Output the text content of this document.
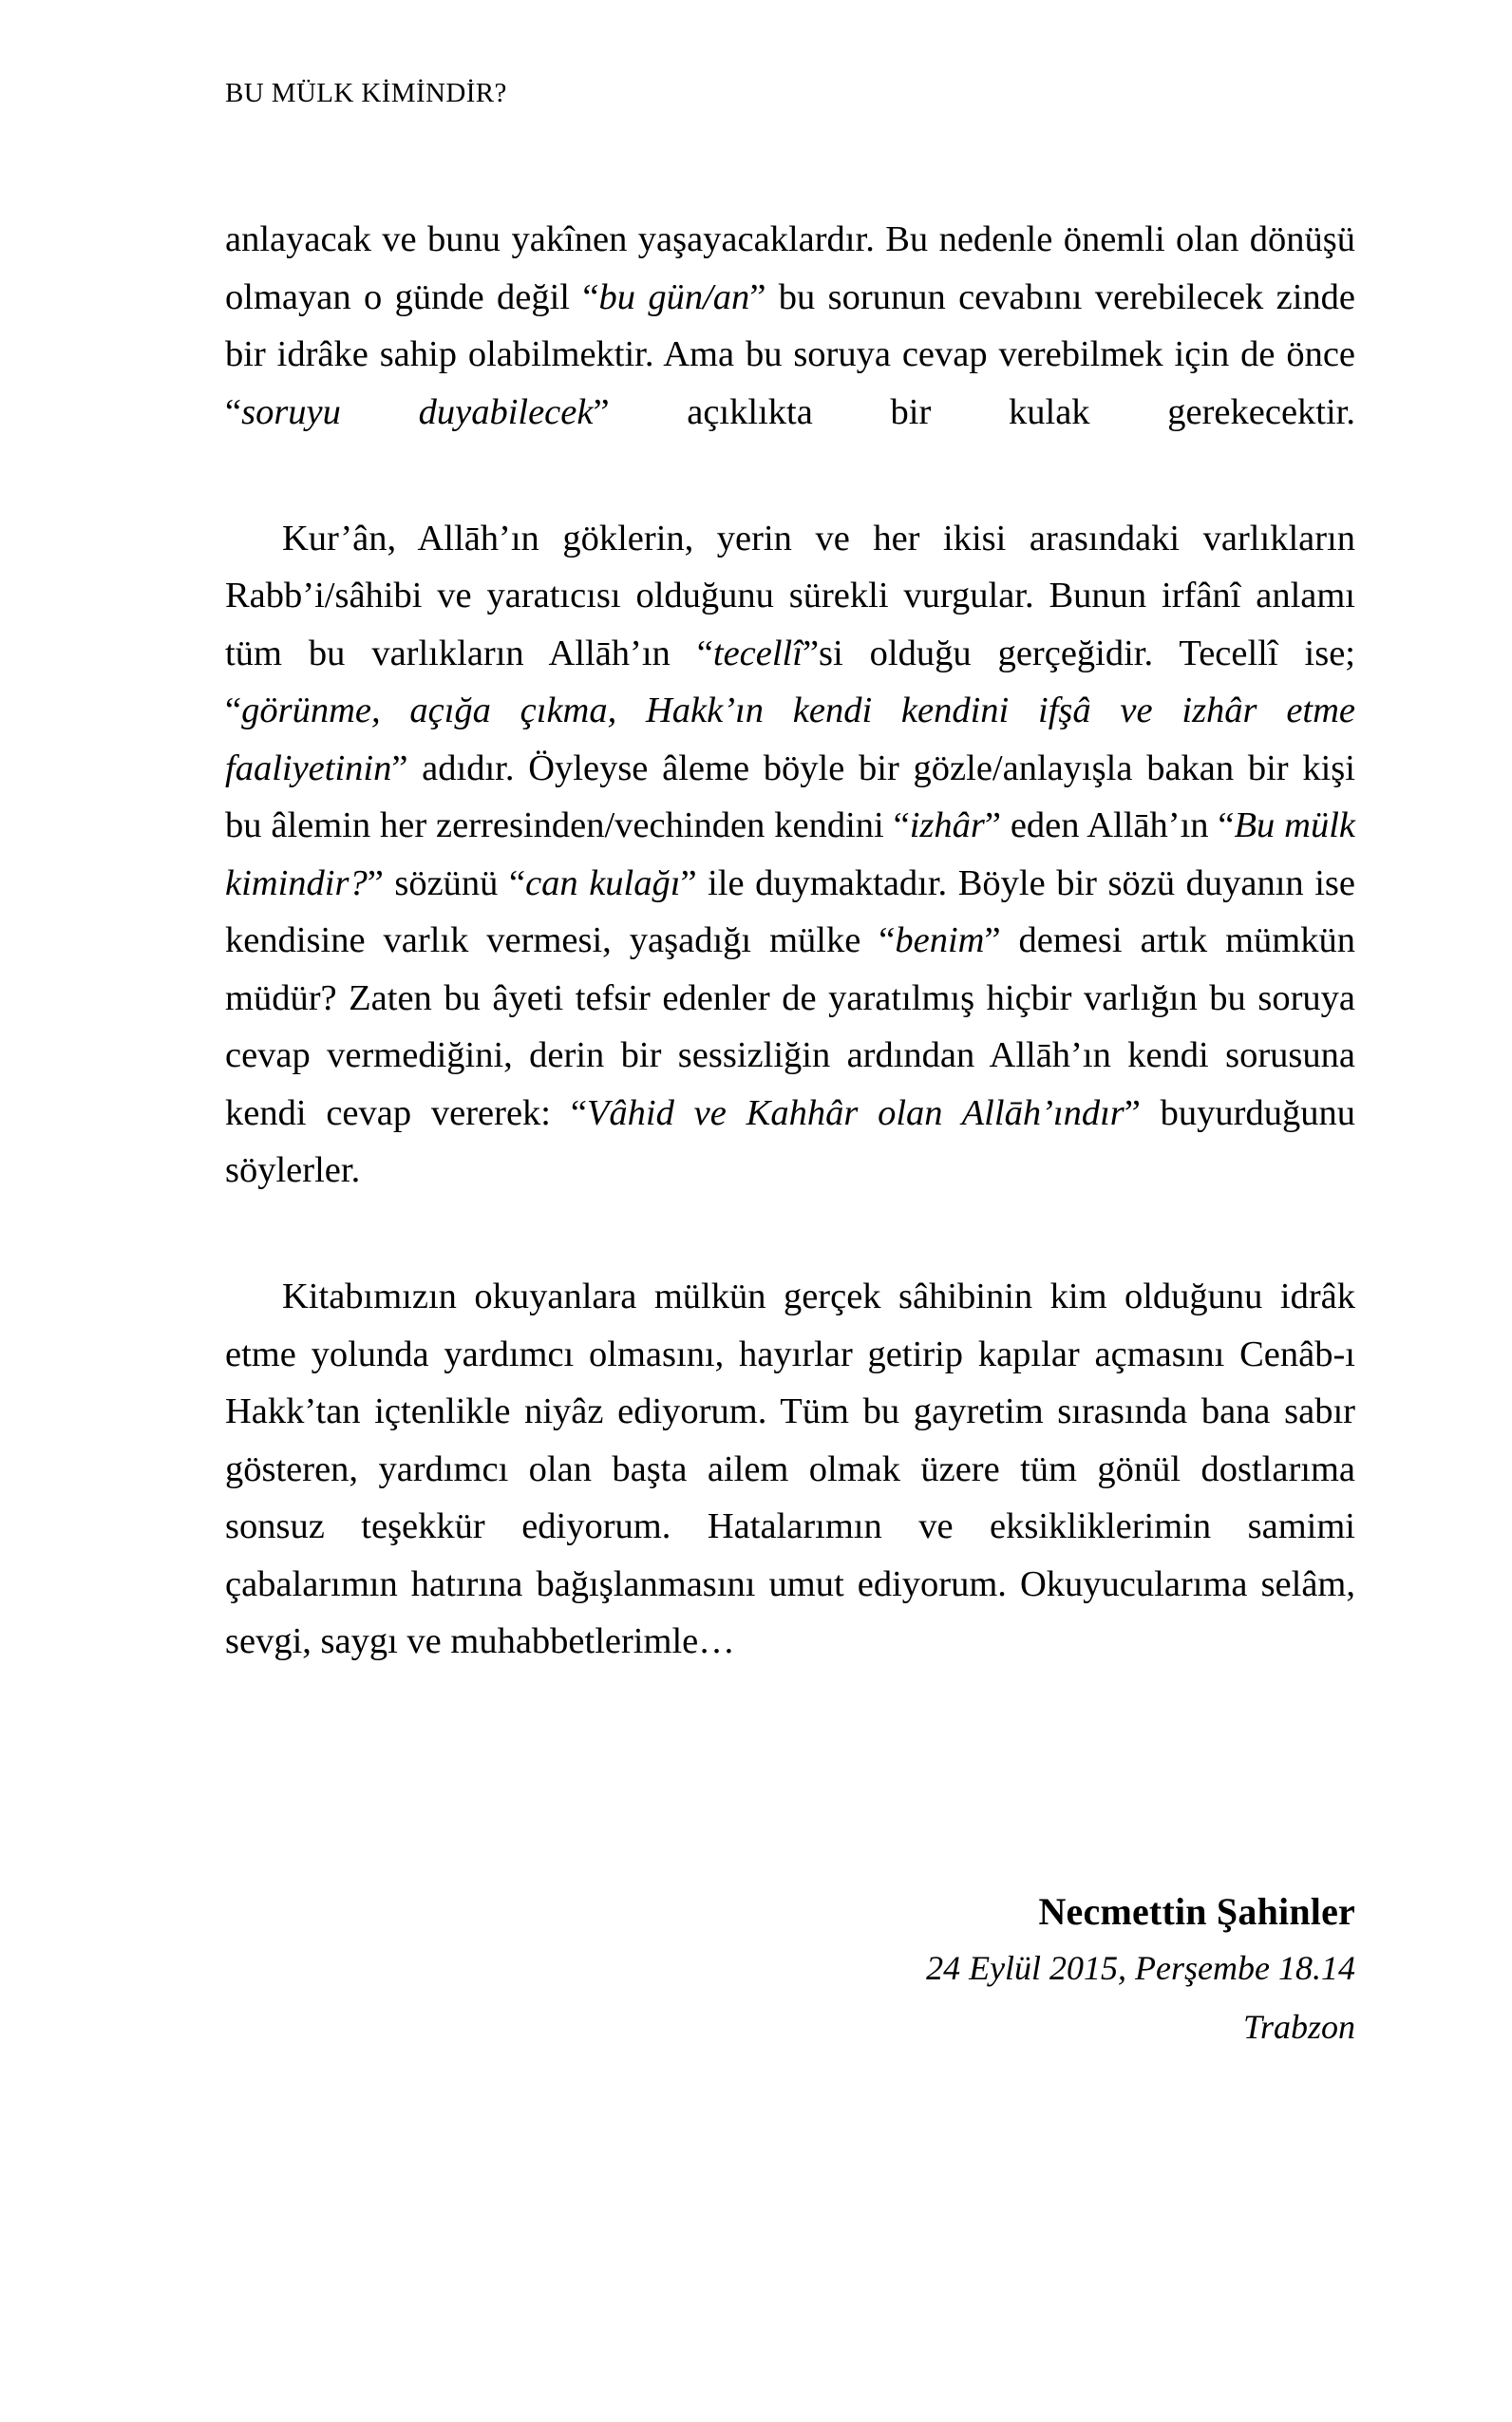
BU MÜLK KİMİNDİR?

anlayacak ve bunu yakînen yaşayacaklardır. Bu nedenle önemli olan dönüşü olmayan o günde değil “bu gün/an” bu sorunun cevabını verebilecek zinde bir idrâke sahip olabilmektir. Ama bu soruya cevap verebilmek için de önce “soruyu duyabilecek” açıklıkta bir kulak gerekecektir.

Kur’ân, Allāh’ın göklerin, yerin ve her ikisi arasındaki varlıkların Rabb’i/sâhibi ve yaratıcısı olduğunu sürekli vurgular. Bunun irfânî anlamı tüm bu varlıkların Allāh’ın “tecellî”si olduğu gerçeğidir. Tecellî ise; “görünme, açığa çıkma, Hakk’ın kendi kendini ifşâ ve izhâr etme faaliyetinin” adıdır. Öyleyse âleme böyle bir gözle/anlayışla bakan bir kişi bu âlemin her zerresinden/vechinden kendini “izhâr” eden Allāh’ın “Bu mülk kimindir?” sözünü “can kulağı” ile duymaktadır. Böyle bir sözü duyanın ise kendisine varlık vermesi, yaşadığı mülke “benim” demesi artık mümkün müdür? Zaten bu âyeti tefsir edenler de yaratılmış hiçbir varlığın bu soruya cevap vermediğini, derin bir sessizliğin ardından Allāh’ın kendi sorusuna kendi cevap vererek: “Vâhid ve Kahhâr olan Allāh’ındır” buyurduğunu söylerler.

Kitabımızın okuyanlara mülkün gerçek sâhibinin kim olduğunu idrâk etme yolunda yardımcı olmasını, hayırlar getirip kapılar açmasını Cenâb-ı Hakk’tan içtenlikle niyâz ediyorum. Tüm bu gayretim sırasında bana sabır gösteren, yardımcı olan başta ailem olmak üzere tüm gönül dostlarıma sonsuz teşekkür ediyorum. Hatalarımın ve eksikliklerimin samimi çabalarımın hatırına bağışlanmasını umut ediyorum. Okuyucularıma selâm, sevgi, saygı ve muhabbetlerimle…

Necmettin Şahinler
24 Eylül 2015, Perşembe 18.14
Trabzon
